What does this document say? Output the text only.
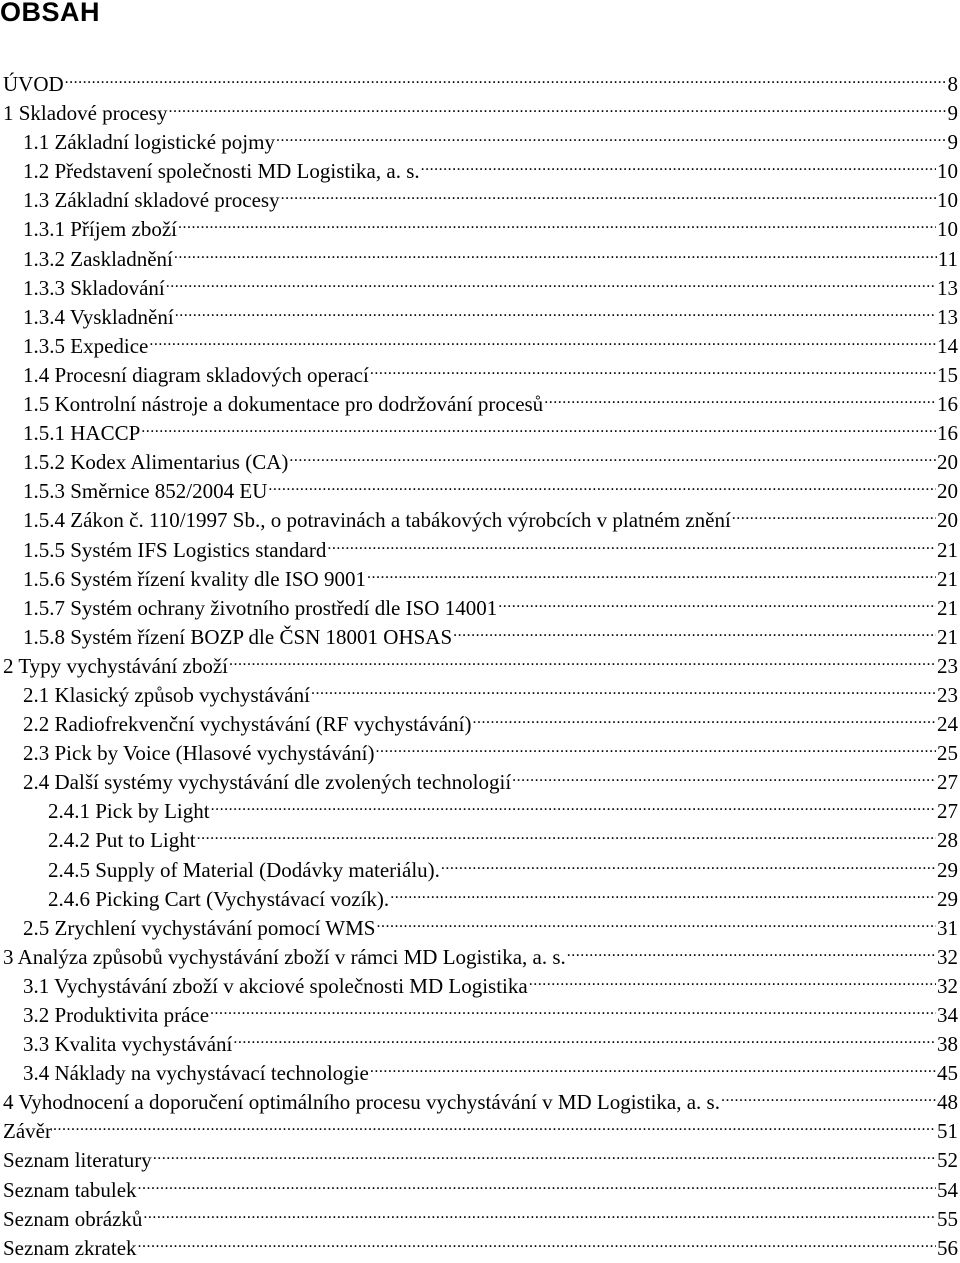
OBSAH
ÚVOD .....	8
1 Skladové procesy .....	9
1.1 Základní logistické pojmy .....	9
1.2 Představení společnosti MD Logistika, a. s. .....	10
1.3 Základní skladové procesy .....	10
1.3.1 Příjem zboží .....	10
1.3.2 Zaskladnění .....	11
1.3.3 Skladování .....	13
1.3.4 Vyskladnění .....	13
1.3.5 Expedice .....	14
1.4 Procesní diagram skladových operací .....	15
1.5 Kontrolní nástroje a dokumentace pro dodržování procesů .....	16
1.5.1 HACCP .....	16
1.5.2 Kodex Alimentarius (CA) .....	20
1.5.3 Směrnice 852/2004 EU .....	20
1.5.4 Zákon č. 110/1997 Sb., o potravinách a tabákových výrobcích v platném znění .....	20
1.5.5 Systém IFS Logistics standard .....	21
1.5.6 Systém řízení kvality dle ISO 9001 .....	21
1.5.7 Systém ochrany životního prostředí dle ISO 14001 .....	21
1.5.8 Systém řízení BOZP dle ČSN 18001 OHSAS .....	21
2 Typy vychystávání zboží .....	23
2.1 Klasický způsob vychystávání .....	23
2.2 Radiofrekvenční vychystávání (RF vychystávání) .....	24
2.3 Pick by Voice (Hlasové vychystávání) .....	25
2.4 Další systémy vychystávání dle zvolených technologií .....	27
2.4.1 Pick by Light .....	27
2.4.2 Put to Light .....	28
2.4.5 Supply of Material (Dodávky materiálu). .....	29
2.4.6 Picking Cart (Vychystávací vozík). .....	29
2.5 Zrychlení vychystávání pomocí WMS .....	31
3 Analýza způsobů vychystávání zboží v rámci MD Logistika, a. s. .....	32
3.1 Vychystávání zboží v akciové společnosti MD Logistika .....	32
3.2 Produktivita práce .....	34
3.3 Kvalita vychystávání .....	38
3.4 Náklady na vychystávací technologie .....	45
4 Vyhodnocení a doporučení optimálního procesu vychystávání v MD Logistika, a. s. .....	48
Závěr .....	51
Seznam literatury .....	52
Seznam tabulek .....	54
Seznam obrázků .....	55
Seznam zkratek .....	56
